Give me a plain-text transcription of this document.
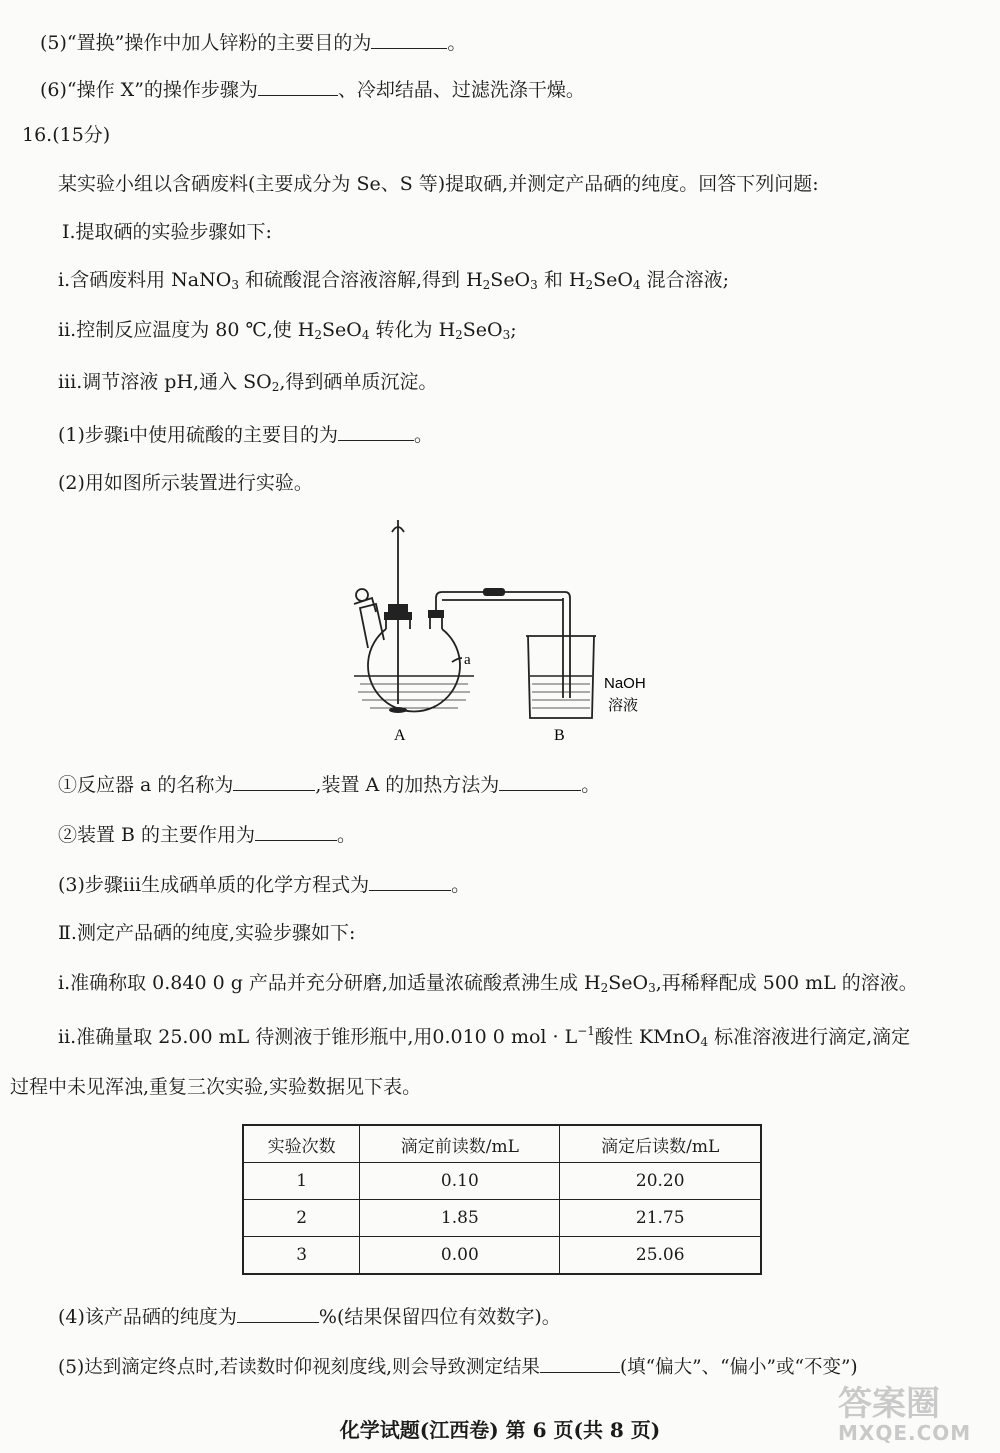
(5)“置换”操作中加人锌粉的主要目的为	。
(6)“操作 X”的操作步骤为	、冷却结晶、过滤洗涤干燥。
16.(15分)
某实验小组以含硒废料(主要成分为 Se、S 等)提取硒,并测定产品硒的纯度。回答下列问题:
Ⅰ.提取硒的实验步骤如下:
ⅰ.含硒废料用 NaNO$_3$ 和硫酸混合溶液溶解,得到 $H_2SeO_3$ 和 $H_2SeO_4$ 混合溶液;
ⅱ.控制反应温度为 80 ℃,使 $H_2SeO_4$ 转化为 $H_2SeO_3$;
ⅲ.调节溶液 pH,通入 $SO_2$,得到硒单质沉淀。
(1)步骤ⅰ中使用硫酸的主要目的为	。
(2)用如图所示装置进行实验。
a
NaOH
溶液
A	B
①反应器 a 的名称为	,装置 A 的加热方法为	。
②装置 B 的主要作用为	。
(3)步骤ⅲ生成硒单质的化学方程式为	。
Ⅱ.测定产品硒的纯度,实验步骤如下:
ⅰ.准确称取 0.840 0 g 产品并充分研磨,加适量浓硫酸煮沸生成 $H_2SeO_3$,再稀释配成 500 mL 的溶液。
ⅱ.准确量取 25.00 mL 待测液于锥形瓶中,用0.010 0 mol · $L^{-1}$酸性 KMnO$_4$ 标准溶液进行滴定,滴定
过程中未见浑浊,重复三次实验,实验数据见下表。
实验次数	滴定前读数/mL	滴定后读数/mL
1	0.10	20.20
2	1.85	21.75
3	0.00	25.06
(4)该产品硒的纯度为	%(结果保留四位有效数字)。
(5)达到滴定终点时,若读数时仰视刻度线,则会导致测定结果	(填“偏大”、“偏小”或“不变”)
化学试题(江西卷) 第 6 页(共 8 页)
答案圈
MXQE.COM
